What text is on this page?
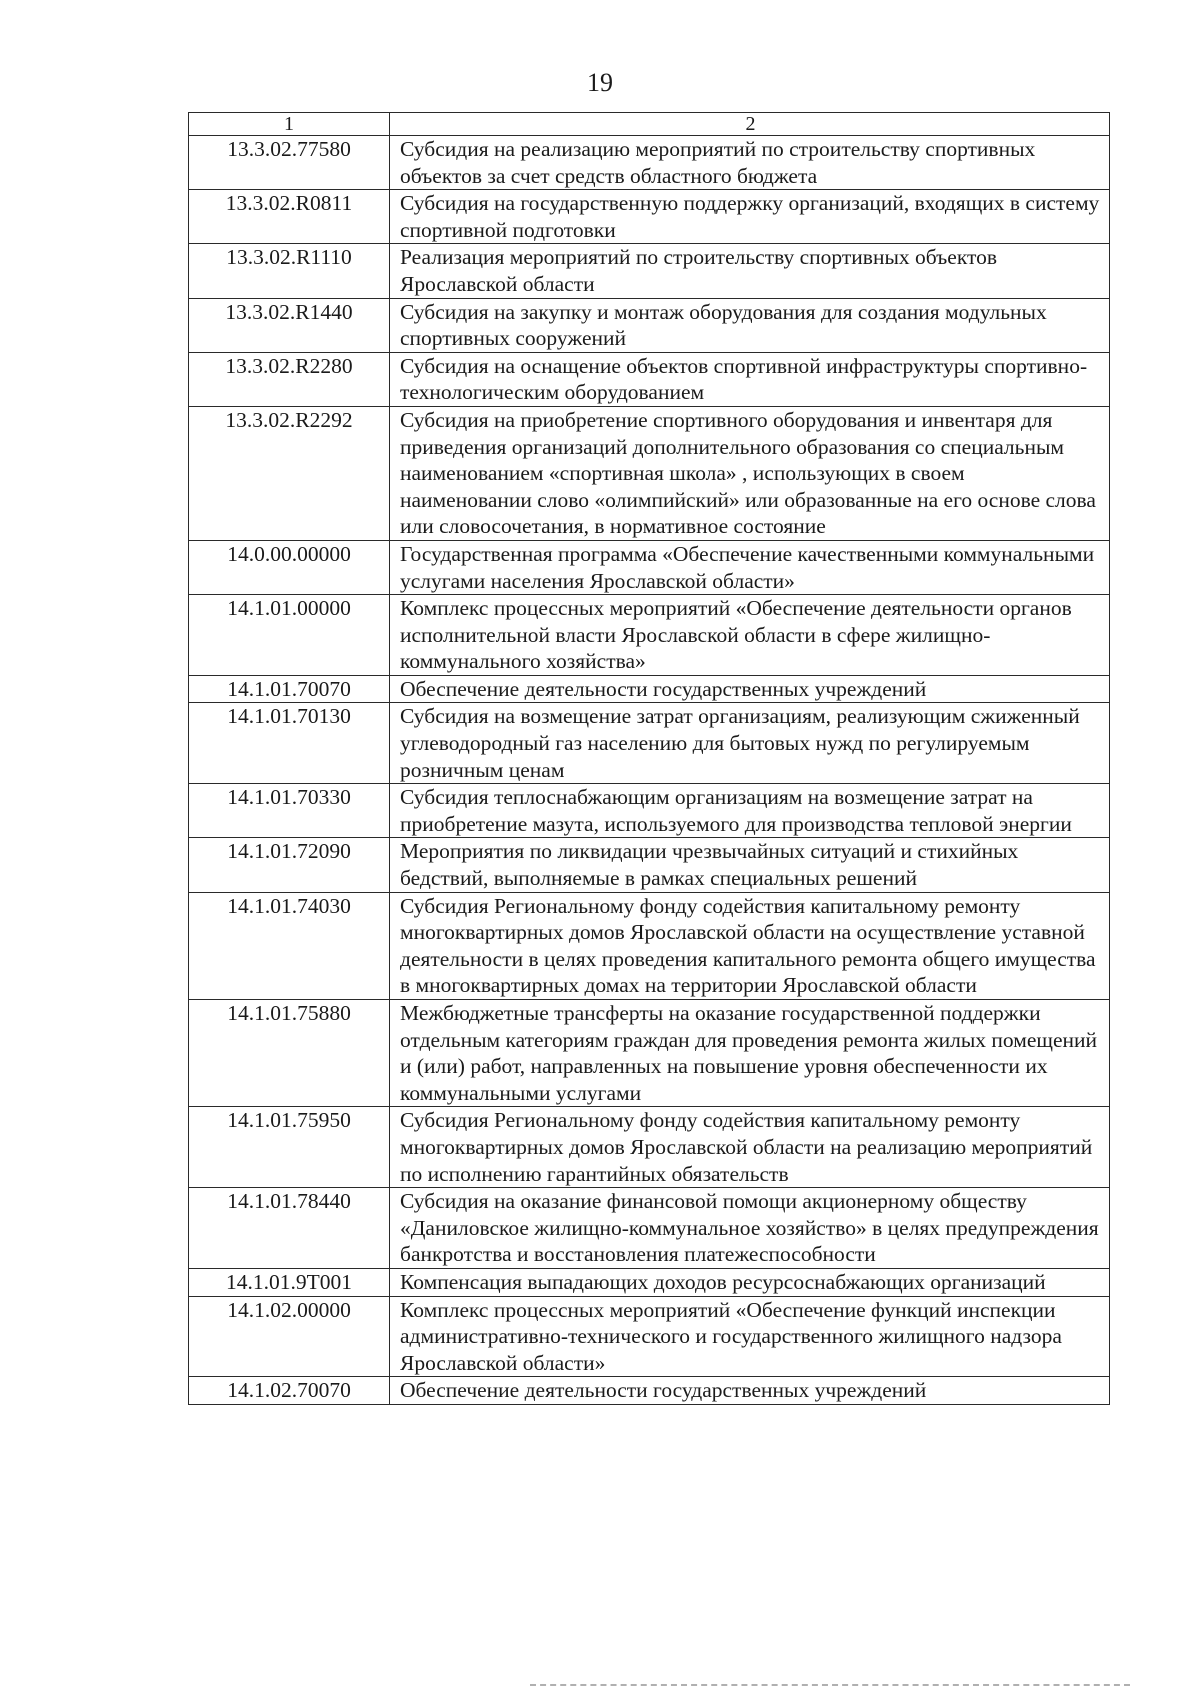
19
1	2
13.3.02.77580	Субсидия на реализацию мероприятий по строительству спортивных объектов за счет средств областного бюджета
13.3.02.R0811	Субсидия на государственную поддержку организаций, входящих в систему спортивной подготовки
13.3.02.R1110	Реализация мероприятий по строительству спортивных объектов Ярославской области
13.3.02.R1440	Субсидия на закупку и монтаж оборудования для создания модульных спортивных сооружений
13.3.02.R2280	Субсидия на оснащение объектов спортивной инфраструктуры спортивно-технологическим оборудованием
13.3.02.R2292	Субсидия на приобретение спортивного оборудования и инвентаря для приведения организаций дополнительного образования со специальным наименованием «спортивная школа» , использующих в своем наименовании слово «олимпийский» или образованные на его основе слова или словосочетания, в нормативное состояние
14.0.00.00000	Государственная программа «Обеспечение качественными коммунальными услугами населения Ярославской области»
14.1.01.00000	Комплекс процессных мероприятий «Обеспечение деятельности органов исполнительной власти Ярославской области в сфере жилищно-коммунального хозяйства»
14.1.01.70070	Обеспечение деятельности государственных учреждений
14.1.01.70130	Субсидия на возмещение затрат организациям, реализующим сжиженный углеводородный газ населению для бытовых нужд по регулируемым розничным ценам
14.1.01.70330	Субсидия теплоснабжающим организациям на возмещение затрат на приобретение мазута, используемого для производства тепловой энергии
14.1.01.72090	Мероприятия по ликвидации чрезвычайных ситуаций и стихийных бедствий, выполняемые в рамках специальных решений
14.1.01.74030	Субсидия Региональному фонду содействия капитальному ремонту многоквартирных домов Ярославской области на осуществление уставной деятельности в целях проведения капитального ремонта общего имущества в многоквартирных домах на территории Ярославской области
14.1.01.75880	Межбюджетные трансферты на оказание государственной поддержки отдельным категориям граждан для проведения ремонта жилых помещений и (или) работ, направленных на повышение уровня обеспеченности их коммунальными услугами
14.1.01.75950	Субсидия Региональному фонду содействия капитальному ремонту многоквартирных домов Ярославской области на реализацию мероприятий по исполнению гарантийных обязательств
14.1.01.78440	Субсидия на оказание финансовой помощи акционерному обществу «Даниловское жилищно-коммунальное хозяйство» в целях предупреждения банкротства и восстановления платежеспособности
14.1.01.9Т001	Компенсация выпадающих доходов ресурсоснабжающих организаций
14.1.02.00000	Комплекс процессных мероприятий «Обеспечение функций инспекции административно-технического и государственного жилищного надзора Ярославской области»
14.1.02.70070	Обеспечение деятельности государственных учреждений
